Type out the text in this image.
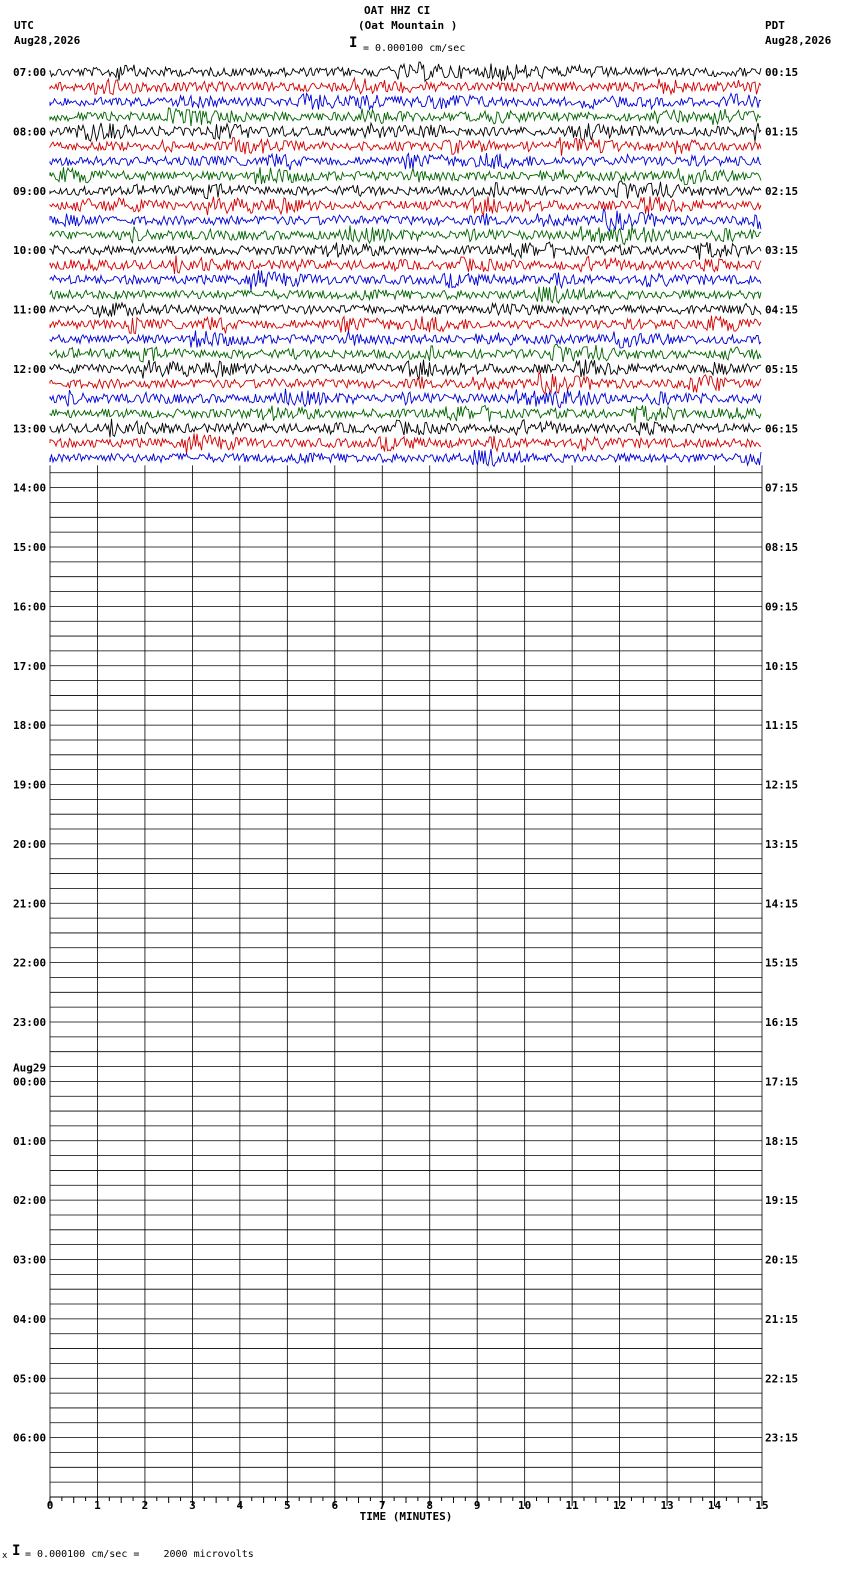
OAT HHZ CI
(Oat Mountain )
I = 0.000100 cm/sec
UTC
Aug28,2026
PDT
Aug28,2026
07:00	00:15
08:00	01:15
09:00	02:15
10:00	03:15
11:00	04:15
12:00	05:15
13:00	06:15
14:00	07:15
15:00	08:15
16:00	09:15
17:00	10:15
18:00	11:15
19:00	12:15
20:00	13:15
21:00	14:15
22:00	15:15
23:00	16:15
00:00	17:15
01:00	18:15
02:00	19:15
03:00	20:15
04:00	21:15
05:00	22:15
06:00	23:15
Aug29
0	1	2	3	4	5	6	7	8	9	10	11	12	13	14	15
TIME (MINUTES)
x I = 0.000100 cm/sec =    2000 microvolts
